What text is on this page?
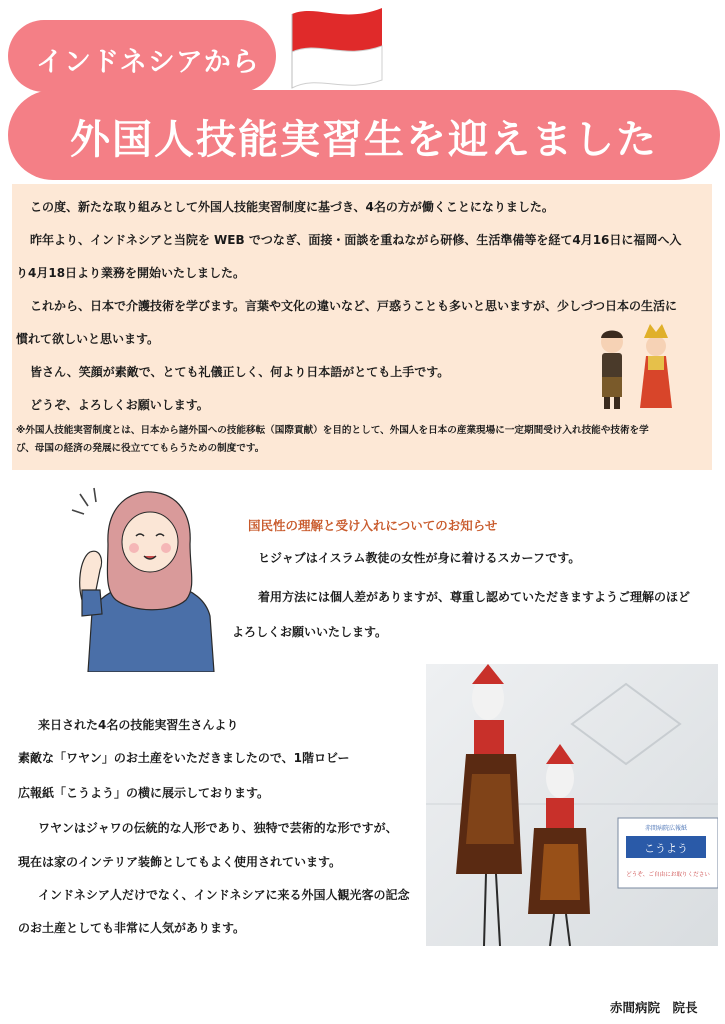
インドネシアから
外国人技能実習生を迎えました

この度、新たな取り組みとして外国人技能実習制度に基づき、4名の方が働くことになりました。

昨年より、インドネシアと当院を WEB でつなぎ、面接・面談を重ねながら研修、生活準備等を経て4月16日に福岡へ入

り4月18日より業務を開始いたしました。

これから、日本で介護技術を学びます。言葉や文化の違いなど、戸惑うことも多いと思いますが、少しづつ日本の生活に

慣れて欲しいと思います。

皆さん、笑顔が素敵で、とても礼儀正しく、何より日本語がとても上手です。

どうぞ、よろしくお願いします。

※外国人技能実習制度とは、日本から諸外国への技能移転（国際貢献）を目的として、外国人を日本の産業現場に一定期間受け入れ技能や技術を学

び、母国の経済の発展に役立ててもらうための制度です。

国民性の理解と受け入れについてのお知らせ

ヒジャブはイスラム教徒の女性が身に着けるスカーフです。

着用方法には個人差がありますが、尊重し認めていただきますようご理解のほど

よろしくお願いいたします。

来日された4名の技能実習生さんより

素敵な「ワヤン」のお土産をいただきましたので、1階ロビー

広報紙「こうよう」の横に展示しております。

ワヤンはジャワの伝統的な人形であり、独特で芸術的な形ですが、

現在は家のインテリア装飾としてもよく使用されています。

インドネシア人だけでなく、インドネシアに来る外国人観光客の記念

のお土産としても非常に人気があります。

こうよう
赤間病院広報紙
どうぞ、ご自由にお取りください
赤間病院　院長
